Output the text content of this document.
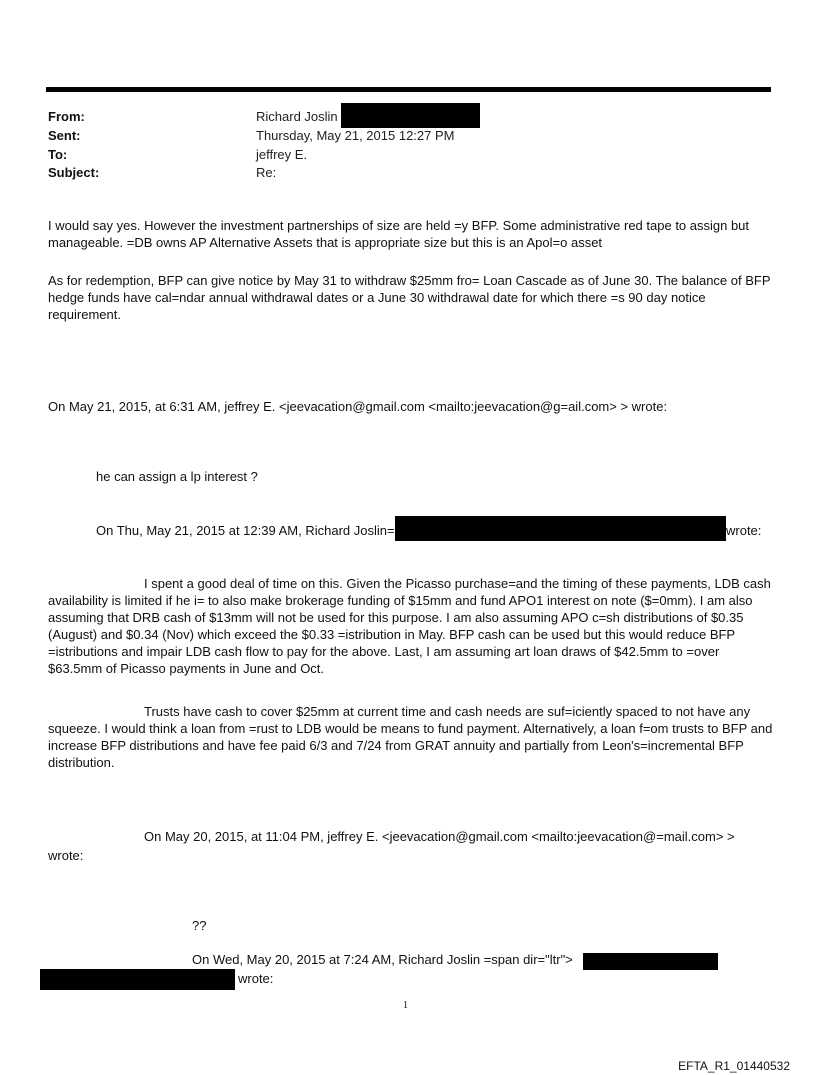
From:	Richard Joslin
Sent:	Thursday, May 21, 2015 12:27 PM
To:	jeffrey E.
Subject:	Re:
I would say yes. However the investment partnerships of size are held =y BFP. Some administrative red tape to assign but manageable. =DB owns AP Alternative Assets that is appropriate size but this is an Apol=o asset
As for redemption, BFP can give notice by May 31 to withdraw $25mm fro= Loan Cascade as of June 30. The balance of BFP hedge funds have cal=ndar annual withdrawal dates or a June 30 withdrawal date for which there =s 90 day notice requirement.
On May 21, 2015, at 6:31 AM, jeffrey E. <jeevacation@gmail.com <mailto:jeevacation@g=ail.com> > wrote:
he can assign a lp interest ?
On Thu, May 21, 2015 at 12:39 AM, Richard Joslin=	wrote:
I spent a good deal of time on this. Given the Picasso purchase=and the timing of these payments, LDB cash availability is limited if he i= to also make brokerage funding of $15mm and fund APO1 interest on note ($=0mm). I am also assuming that DRB cash of $13mm will not be used for this purpose. I am also assuming APO c=sh distributions of $0.35 (August) and $0.34 (Nov) which exceed the $0.33 =istribution in May. BFP cash can be used but this would reduce BFP =istributions and impair LDB cash flow to pay for the above. Last, I am assuming art loan draws of $42.5mm to =over $63.5mm of Picasso payments in June and Oct.
Trusts have cash to cover $25mm at current time and cash needs are suf=iciently spaced to not have any squeeze. I would think a loan from =rust to LDB would be means to fund payment. Alternatively, a loan f=om trusts to BFP and increase BFP distributions and have fee paid 6/3 and 7/24 from GRAT annuity and partially from Leon's=incremental BFP distribution.
On May 20, 2015, at 11:04 PM, jeffrey E. <jeevacation@gmail.com <mailto:jeevacation@=mail.com> >
wrote:
??
On Wed, May 20, 2015 at 7:24 AM, Richard Joslin =span dir="ltr">
wrote:
1
EFTA_R1_01440532
